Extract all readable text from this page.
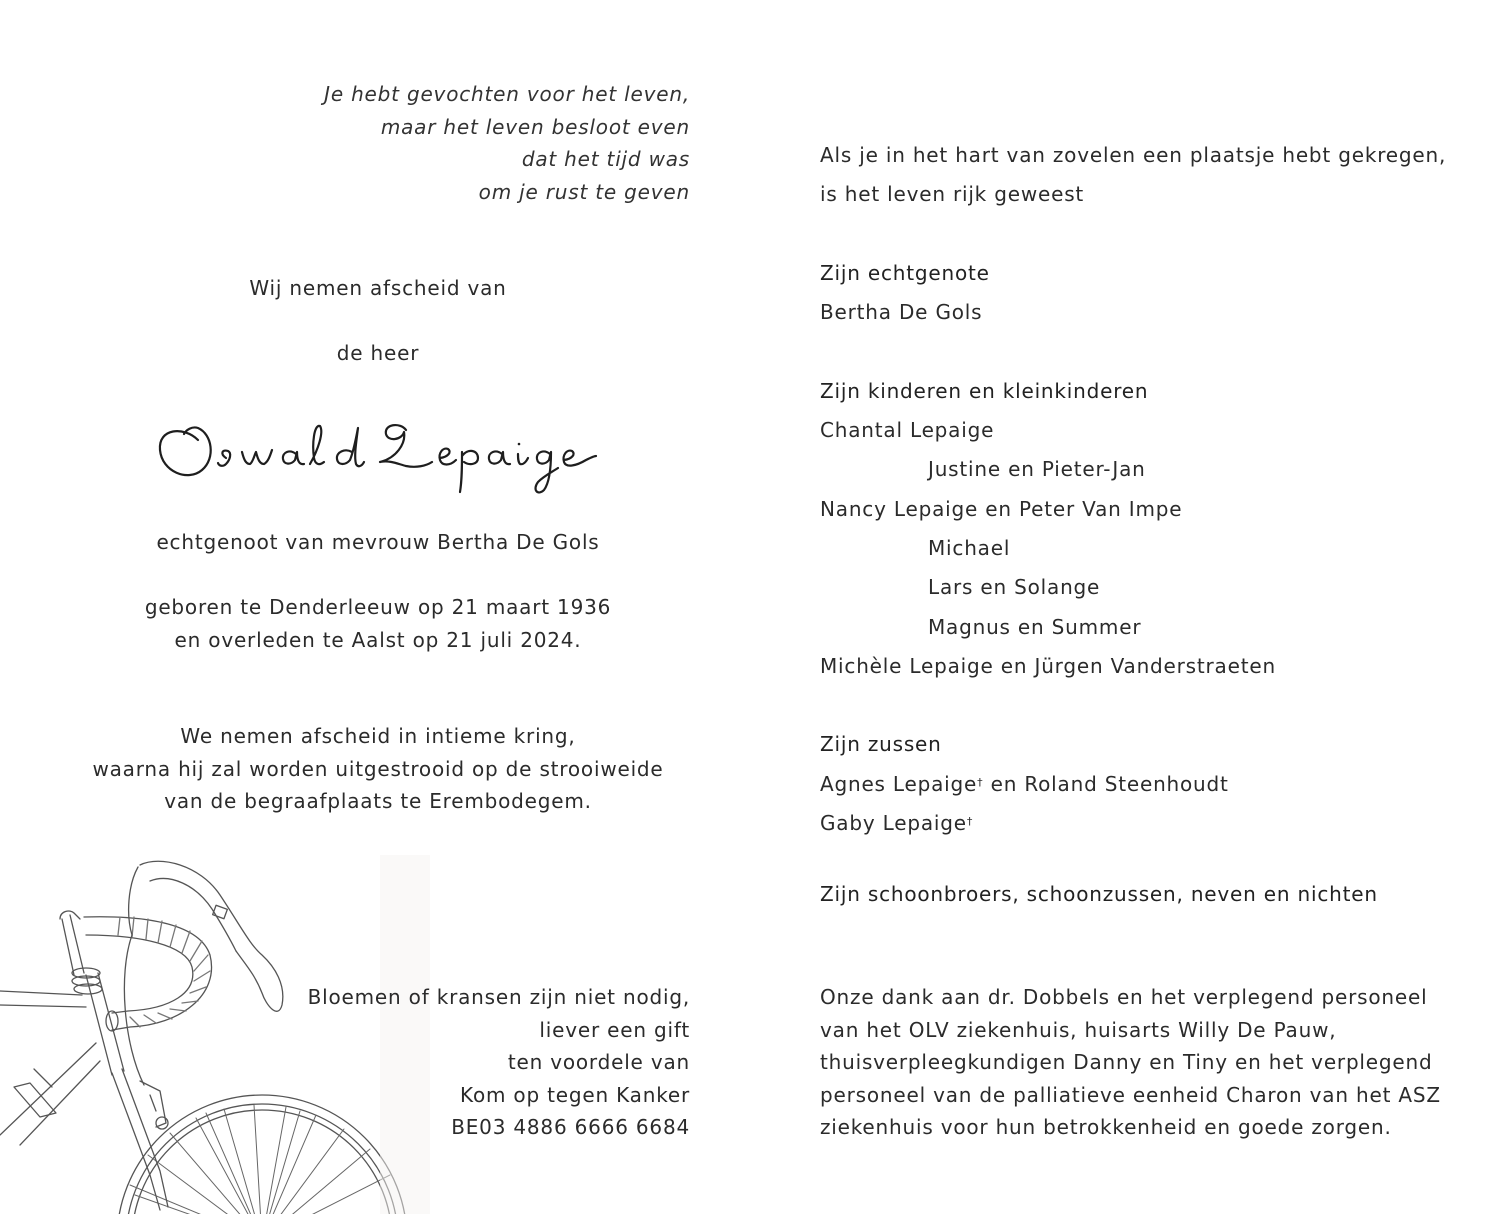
Je hebt gevochten voor het leven,
maar het leven besloot even
dat het tijd was
om je rust te geven
Wij nemen afscheid van
de heer
echtgenoot van mevrouw Bertha De Gols
geboren te Denderleeuw op 21 maart 1936
en overleden te Aalst op 21 juli 2024.
We nemen afscheid in intieme kring,
waarna hij zal worden uitgestrooid op de strooiweide
van de begraafplaats te Erembodegem.
Bloemen of kransen zijn niet nodig,
liever een gift
ten voordele van
Kom op tegen Kanker
BE03 4886 6666 6684
Als je in het hart van zovelen een plaatsje hebt gekregen,
is het leven rijk geweest
Zijn echtgenote
Bertha De Gols
Zijn kinderen en kleinkinderen
Chantal Lepaige
Justine en Pieter-Jan
Nancy Lepaige en Peter Van Impe
Michael
Lars en Solange
Magnus en Summer
Michèle Lepaige en Jürgen Vanderstraeten
Zijn zussen
Agnes Lepaige† en Roland Steenhoudt
Gaby Lepaige†
Zijn schoonbroers, schoonzussen, neven en nichten
Onze dank aan dr. Dobbels en het verplegend personeel
van het OLV ziekenhuis, huisarts Willy De Pauw,
thuisverpleegkundigen Danny en Tiny en het verplegend
personeel van de palliatieve eenheid Charon van het ASZ
ziekenhuis voor hun betrokkenheid en goede zorgen.
